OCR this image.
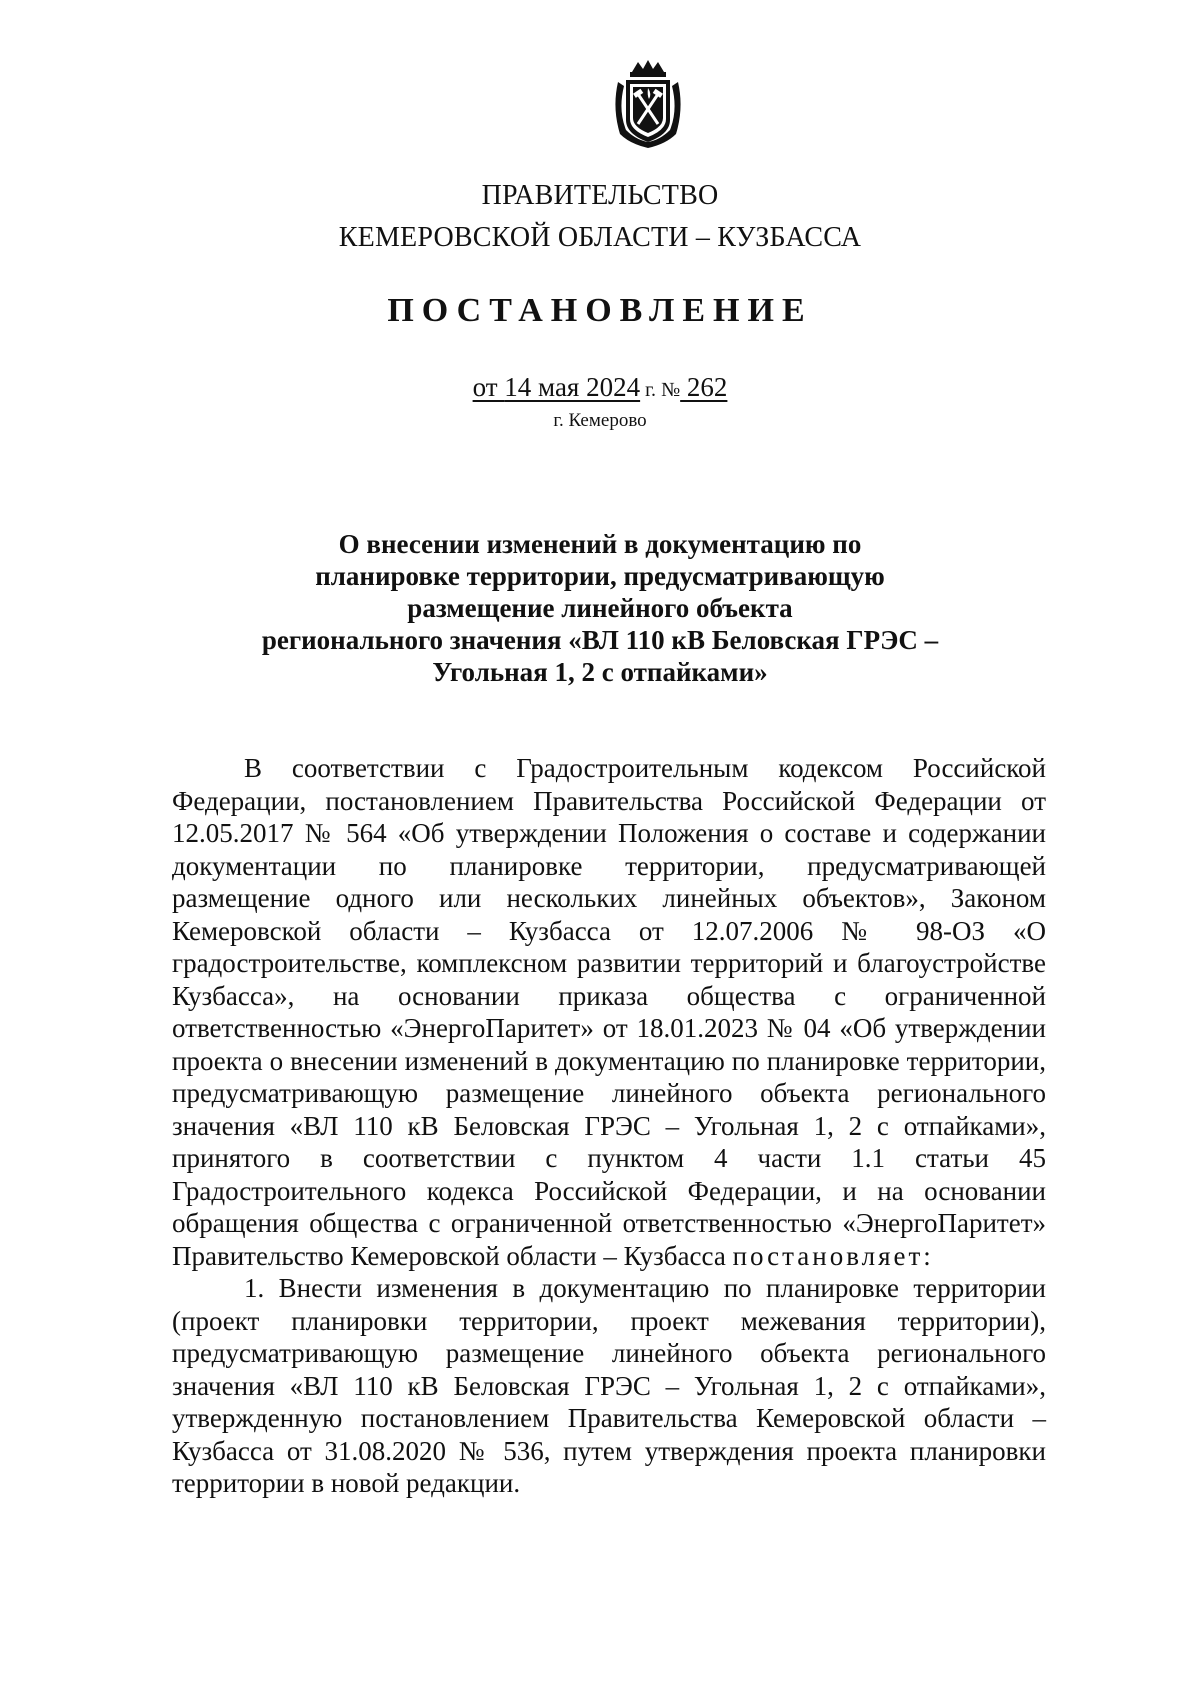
ПРАВИТЕЛЬСТВО
КЕМЕРОВСКОЙ ОБЛАСТИ – КУЗБАССА
ПОСТАНОВЛЕНИЕ
от 14 мая 2024 г. № 262
г. Кемерово
О внесении изменений в документацию по
планировке территории, предусматривающую
размещение линейного объекта
регионального значения «ВЛ 110 кВ Беловская ГРЭС –
Угольная 1, 2 с отпайками»

В соответствии с Градостроительным кодексом Российской Федерации, постановлением Правительства Российской Федерации от 12.05.2017 № 564 «Об утверждении Положения о составе и содержании документации по планировке территории, предусматривающей размещение одного или нескольких линейных объектов», Законом Кемеровской области – Кузбасса от 12.07.2006 № 98-ОЗ «О градостроительстве, комплексном развитии территорий и благоустройстве Кузбасса», на основании приказа общества с ограниченной ответственностью «ЭнергоПаритет» от 18.01.2023 № 04 «Об утверждении проекта о внесении изменений в документацию по планировке территории, предусматривающую размещение линейного объекта регионального значения «ВЛ 110 кВ Беловская ГРЭС – Угольная 1, 2 с отпайками», принятого в соответствии с пунктом 4 части 1.1 статьи 45 Градостроительного кодекса Российской Федерации, и на основании обращения общества с ограниченной ответственностью «ЭнергоПаритет» Правительство Кемеровской области – Кузбасса постановляет:

1. Внести изменения в документацию по планировке территории (проект планировки территории, проект межевания территории), предусматривающую размещение линейного объекта регионального значения «ВЛ 110 кВ Беловская ГРЭС – Угольная 1, 2 с отпайками», утвержденную постановлением Правительства Кемеровской области – Кузбасса от 31.08.2020 № 536, путем утверждения проекта планировки территории в новой редакции.
